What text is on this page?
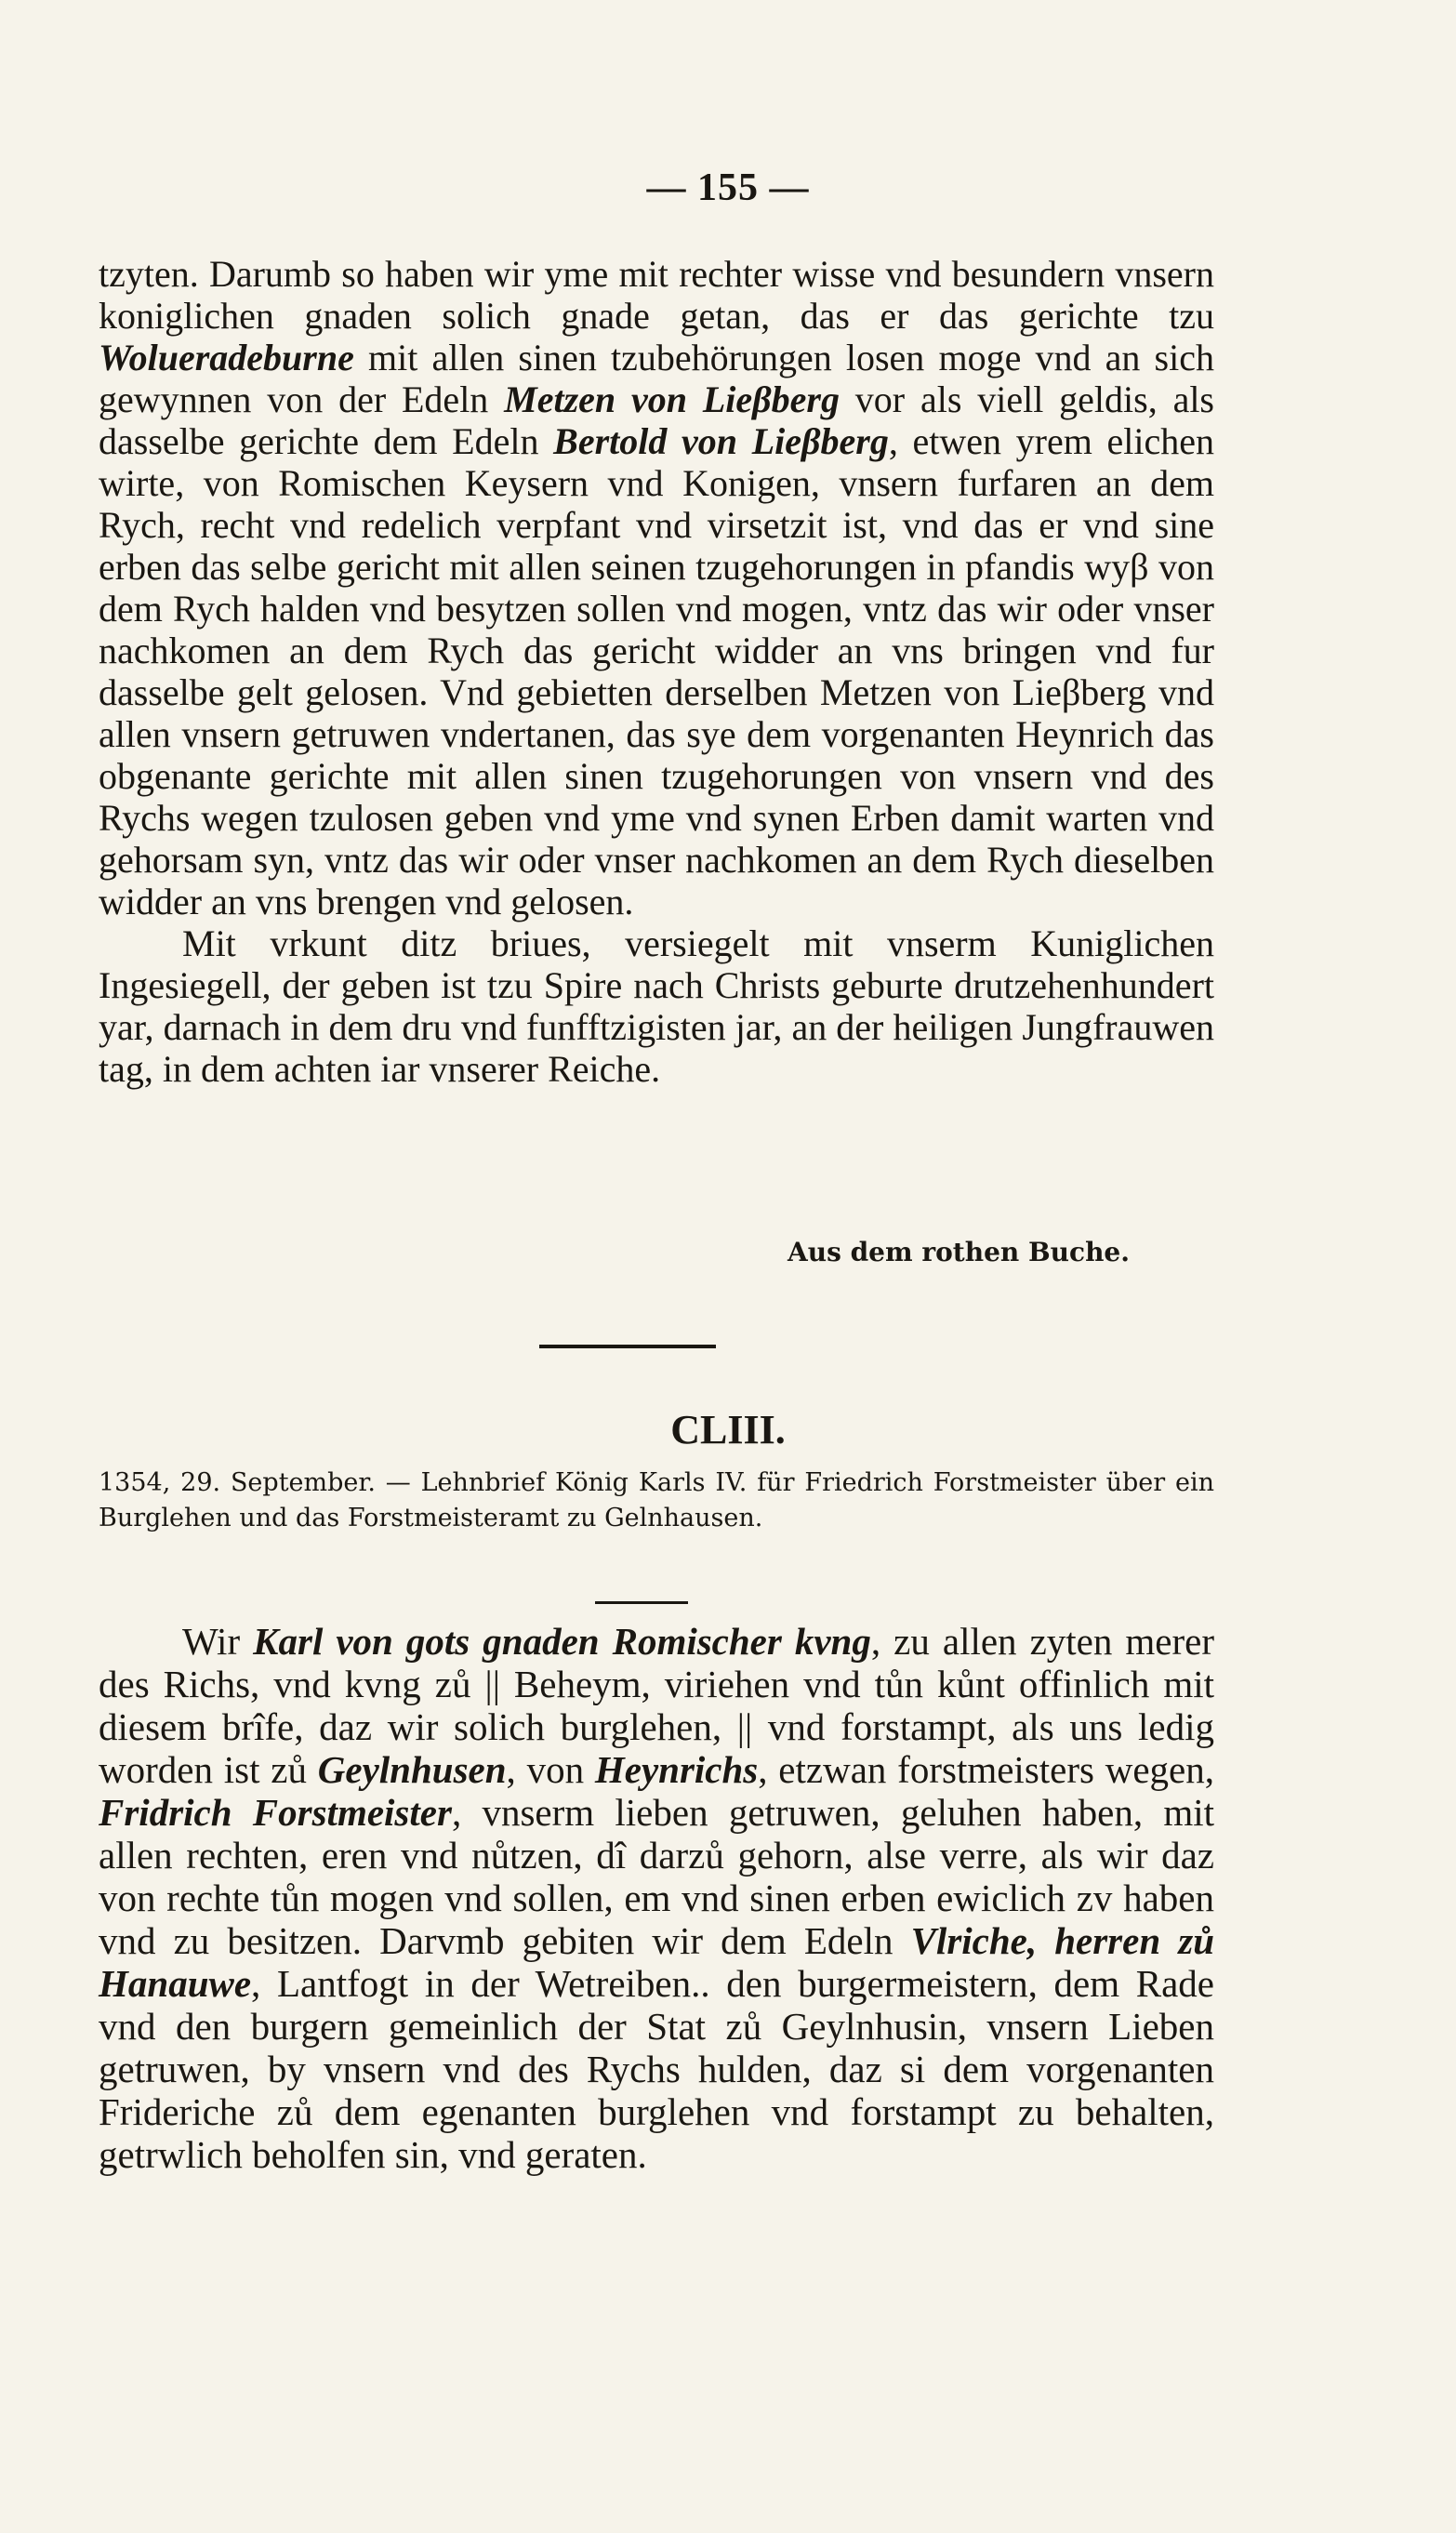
— 155 —

tzyten. Darumb so haben wir yme mit rechter wisse vnd besundern vnsern koniglichen gnaden solich gnade getan, das er das gerichte tzu Wolueradeburne mit allen sinen tzubehörungen losen moge vnd an sich gewynnen von der Edeln Metzen von Lieβberg vor als viell geldis, als dasselbe gerichte dem Edeln Bertold von Lieβberg, etwen yrem elichen wirte, von Romischen Keysern vnd Konigen, vnsern furfaren an dem Rych, recht vnd redelich verpfant vnd virsetzit ist, vnd das er vnd sine erben das selbe gericht mit allen seinen tzugehorungen in pfandis wyβ von dem Rych halden vnd besytzen sollen vnd mogen, vntz das wir oder vnser nachkomen an dem Rych das gericht widder an vns bringen vnd fur dasselbe gelt gelosen. Vnd gebietten derselben Metzen von Lieβberg vnd allen vnsern getruwen vndertanen, das sye dem vorgenanten Heynrich das obgenante gerichte mit allen sinen tzugehorungen von vnsern vnd des Rychs wegen tzulosen geben vnd yme vnd synen Erben damit warten vnd gehorsam syn, vntz das wir oder vnser nachkomen an dem Rych dieselben widder an vns brengen vnd gelosen.

Mit vrkunt ditz briues, versiegelt mit vnserm Kuniglichen Ingesiegell, der geben ist tzu Spire nach Christs geburte drutzehenhundert yar, darnach in dem dru vnd funfftzigisten jar, an der heiligen Jungfrauwen tag, in dem achten iar vnserer Reiche.

Aus dem rothen Buche.
CLIII.
1354, 29. September. — Lehnbrief König Karls IV. für Friedrich Forstmeister über ein Burglehen und das Forstmeisteramt zu Gelnhausen.

Wir Karl von gots gnaden Romischer kvng, zu allen zyten merer des Richs, vnd kvng zů || Beheym, viriehen vnd tůn kůnt offinlich mit diesem brîfe, daz wir solich burglehen, || vnd forstampt, als uns ledig worden ist zů Geylnhusen, von Heynrichs, etzwan forstmeisters wegen, Fridrich Forstmeister, vnserm lieben getruwen, geluhen haben, mit allen rechten, eren vnd nůtzen, dî darzů gehorn, alse verre, als wir daz von rechte tůn mogen vnd sollen, em vnd sinen erben ewiclich zv haben vnd zu besitzen. Darvmb gebiten wir dem Edeln Vlriche, herren zů Hanauwe, Lantfogt in der Wetreiben.. den burgermeistern, dem Rade vnd den burgern gemeinlich der Stat zů Geylnhusin, vnsern Lieben getruwen, by vnsern vnd des Rychs hulden, daz si dem vorgenanten Frideriche zů dem egenanten burglehen vnd forstampt zu behalten, getrwlich beholfen sin, vnd geraten.
